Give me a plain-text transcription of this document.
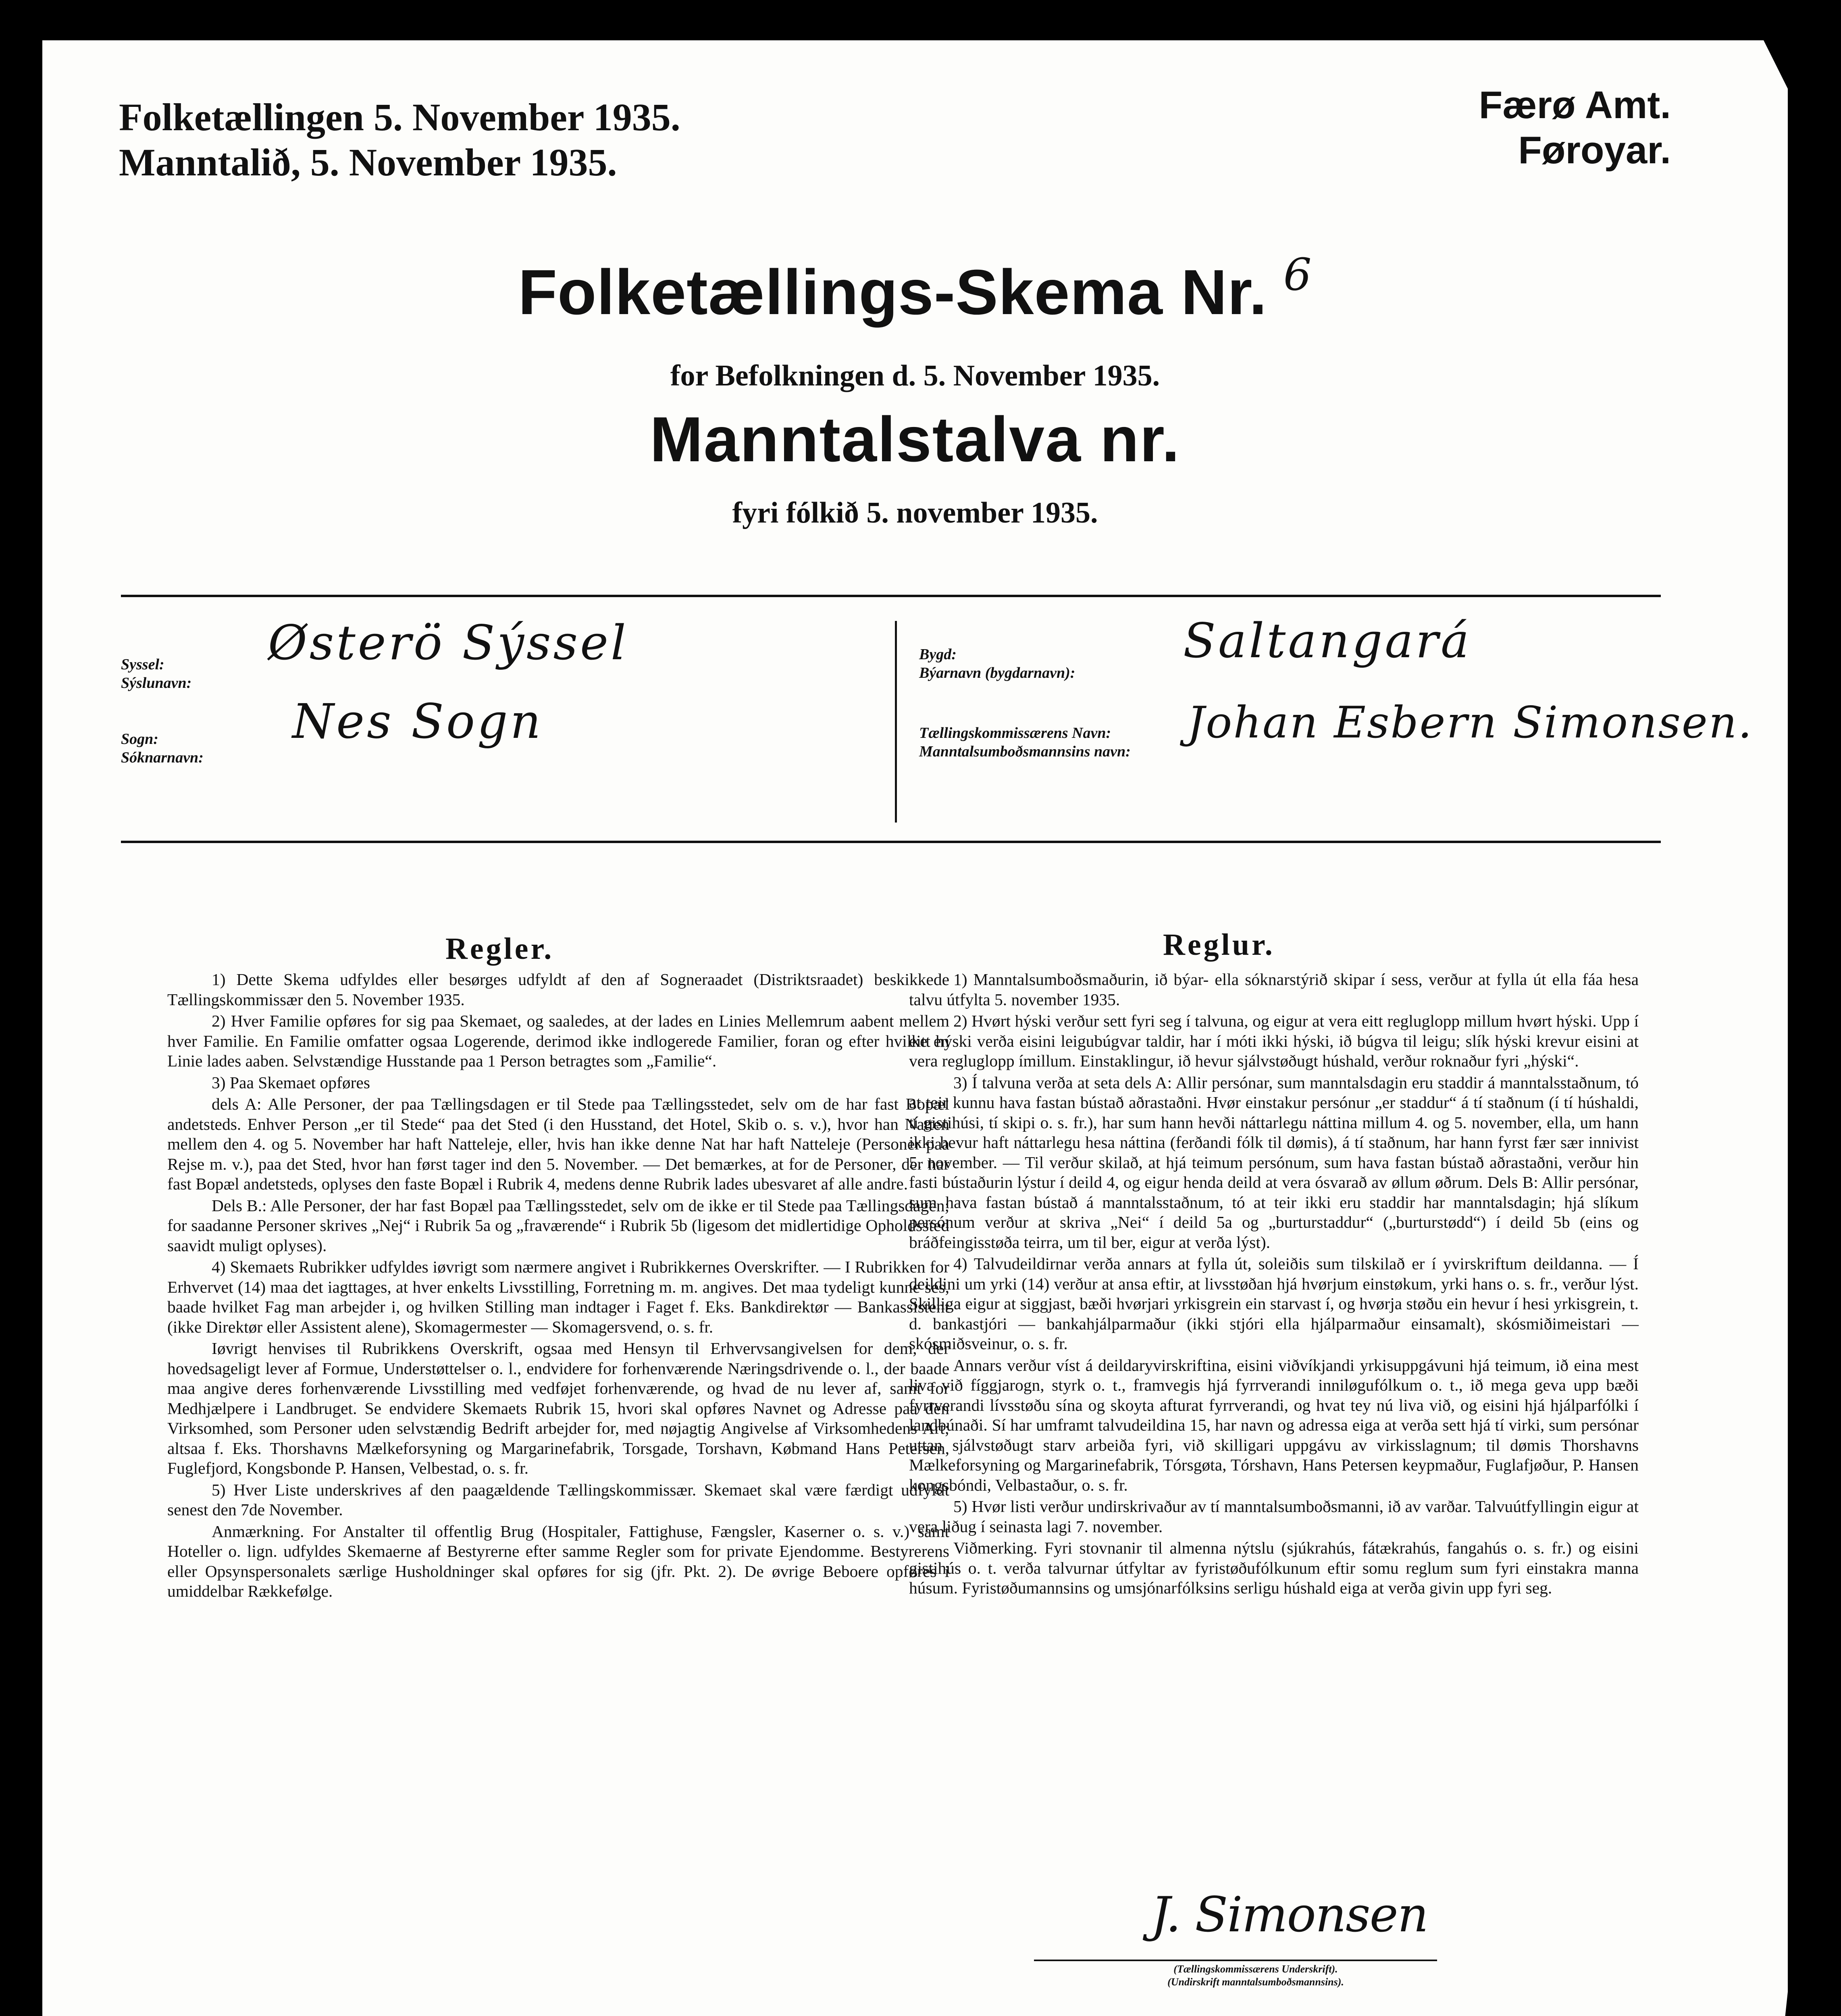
Folketællingen 5. November 1935.
Manntalið, 5. November 1935.
Færø Amt.
Føroyar.
Folketællings-Skema Nr. $^6$
for Befolkningen d. 5. November 1935.
Manntalstalva nr.
fyri fólkið 5. november 1935.
Syssel:
Sýslunavn:
Østerö Sýssel
Sogn:
Sóknarnavn:
Nes Sogn
Bygd:
Býarnavn (bygdarnavn):
Saltangará
Tællingskommissærens Navn:
Manntalsumboðsmannsins navn:
Johan Esbern Simonsen.
Regler.	Reglur.

1) Dette Skema udfyldes eller besørges udfyldt af den af Sogneraadet (Distriktsraadet) beskikkede Tællingskommissær den 5. November 1935.

2) Hver Familie opføres for sig paa Skemaet, og saaledes, at der lades en Linies Mellemrum aabent mellem hver Familie. En Familie omfatter ogsaa Logerende, derimod ikke indlogerede Familier, foran og efter hvilke en Linie lades aaben. Selvstændige Husstande paa 1 Person betragtes som „Familie“.

3) Paa Skemaet opføres

dels A: Alle Personer, der paa Tællingsdagen er til Stede paa Tællingsstedet, selv om de har fast Bopæl andetsteds. Enhver Person „er til Stede“ paa det Sted (i den Husstand, det Hotel, Skib o. s. v.), hvor han Natten mellem den 4. og 5. November har haft Natteleje, eller, hvis han ikke denne Nat har haft Natteleje (Personer paa Rejse m. v.), paa det Sted, hvor han først tager ind den 5. November. — Det bemærkes, at for de Personer, der har fast Bopæl andetsteds, oplyses den faste Bopæl i Rubrik 4, medens denne Rubrik lades ubesvaret af alle andre.

Dels B.: Alle Personer, der har fast Bopæl paa Tællingsstedet, selv om de ikke er til Stede paa Tællingsdagen; for saadanne Personer skrives „Nej“ i Rubrik 5a og „fraværende“ i Rubrik 5b (ligesom det midlertidige Opholdssted saavidt muligt oplyses).

4) Skemaets Rubrikker udfyldes iøvrigt som nærmere angivet i Rubrikkernes Overskrifter. — I Rubrikken for Erhvervet (14) maa det iagttages, at hver enkelts Livsstilling, Forretning m. m. angives. Det maa tydeligt kunne ses, baade hvilket Fag man arbejder i, og hvilken Stilling man indtager i Faget f. Eks. Bankdirektør — Bankassistent (ikke Direktør eller Assistent alene), Skomagermester — Skomagersvend, o. s. fr.

Iøvrigt henvises til Rubrikkens Overskrift, ogsaa med Hensyn til Erhvervsangivelsen for dem, der hovedsageligt lever af Formue, Understøttelser o. l., endvidere for forhenværende Næringsdrivende o. l., der baade maa angive deres forhenværende Livsstilling med vedføjet forhenværende, og hvad de nu lever af, samt for Medhjælpere i Landbruget. Se endvidere Skemaets Rubrik 15, hvori skal opføres Navnet og Adresse paa den Virksomhed, som Personer uden selvstændig Bedrift arbejder for, med nøjagtig Angivelse af Virksomhedens Art; altsaa f. Eks. Thorshavns Mælkeforsyning og Margarinefabrik, Torsgade, Torshavn, Købmand Hans Petersen, Fuglefjord, Kongsbonde P. Hansen, Velbestad, o. s. fr.

5) Hver Liste underskrives af den paagældende Tællingskommissær. Skemaet skal være færdigt udfyldt senest den 7de November.

Anmærkning. For Anstalter til offentlig Brug (Hospitaler, Fattighuse, Fængsler, Kaserner o. s. v.) samt Hoteller o. lign. udfyldes Skemaerne af Bestyrerne efter samme Regler som for private Ejendomme. Bestyrerens eller Opsynspersonalets særlige Husholdninger skal opføres for sig (jfr. Pkt. 2). De øvrige Beboere opføres i umiddelbar Rækkefølge.

1) Manntalsumboðsmaðurin, ið býar- ella sóknarstýrið skipar í sess, verður at fylla út ella fáa hesa talvu útfylta 5. november 1935.

2) Hvørt hýski verður sett fyri seg í talvuna, og eigur at vera eitt regluglopp millum hvørt hýski. Upp í eitt hýski verða eisini leigubúgvar taldir, har í móti ikki hýski, ið búgva til leigu; slík hýski krevur eisini at vera regluglopp ímillum. Einstaklingur, ið hevur sjálvstøðugt húshald, verður roknaður fyri „hýski“.

3) Í talvuna verða at seta dels A: Allir persónar, sum manntalsdagin eru staddir á manntalsstaðnum, tó at teir kunnu hava fastan bústað aðrastaðni. Hvør einstakur persónur „er staddur“ á tí staðnum (í tí húshaldi, tí gistihúsi, tí skipi o. s. fr.), har sum hann hevði náttarlegu náttina millum 4. og 5. november, ella, um hann ikki hevur haft náttarlegu hesa náttina (ferðandi fólk til dømis), á tí staðnum, har hann fyrst fær sær innivist 5. november. — Til verður skilað, at hjá teimum persónum, sum hava fastan bústað aðrastaðni, verður hin fasti bústaðurin lýstur í deild 4, og eigur henda deild at vera ósvarað av øllum øðrum. Dels B: Allir persónar, sum hava fastan bústað á manntalsstaðnum, tó at teir ikki eru staddir har manntalsdagin; hjá slíkum persónum verður at skriva „Nei“ í deild 5a og „burturstaddur“ („burturstødd“) í deild 5b (eins og bráðfeingisstøða teirra, um til ber, eigur at verða lýst).

4) Talvudeildirnar verða annars at fylla út, soleiðis sum tilskilað er í yvirskriftum deildanna. — Í deildini um yrki (14) verður at ansa eftir, at livsstøðan hjá hvørjum einstøkum, yrki hans o. s. fr., verður lýst. Skilliga eigur at siggjast, bæði hvørjari yrkisgrein ein starvast í, og hvørja støðu ein hevur í hesi yrkisgrein, t. d. bankastjóri — bankahjálparmaður (ikki stjóri ella hjálparmaður einsamalt), skósmiðimeistari — skósmiðsveinur, o. s. fr.

Annars verður víst á deildaryvirskriftina, eisini viðvíkjandi yrkisuppgávuni hjá teimum, ið eina mest liva við fíggjarogn, styrk o. t., framvegis hjá fyrrverandi inniløgufólkum o. t., ið mega geva upp bæði fyrrverandi lívsstøðu sína og skoyta afturat fyrrverandi, og hvat tey nú liva við, og eisini hjá hjálparfólki í landbúnaði. Sí har umframt talvudeildina 15, har navn og adressa eiga at verða sett hjá tí virki, sum persónar uttan sjálvstøðugt starv arbeiða fyri, við skilligari uppgávu av virkisslagnum; til dømis Thorshavns Mælkeforsyning og Margarinefabrik, Tórsgøta, Tórshavn, Hans Petersen keypmaður, Fuglafjøður, P. Hansen kongsbóndi, Velbastaður, o. s. fr.

5) Hvør listi verður undirskrivaður av tí manntalsumboðsmanni, ið av varðar. Talvuútfyllingin eigur at vera liðug í seinasta lagi 7. november.

Viðmerking. Fyri stovnanir til almenna nýtslu (sjúkrahús, fátækrahús, fangahús o. s. fr.) og eisini gistihús o. t. verða talvurnar útfyltar av fyristøðufólkunum eftir somu reglum sum fyri einstakra manna húsum. Fyristøðumannsins og umsjónarfólksins serligu húshald eiga at verða givin upp fyri seg.

J. Simonsen
(Tællingskommissærens Underskrift).
(Undirskrift manntalsumboðsmannsins).
